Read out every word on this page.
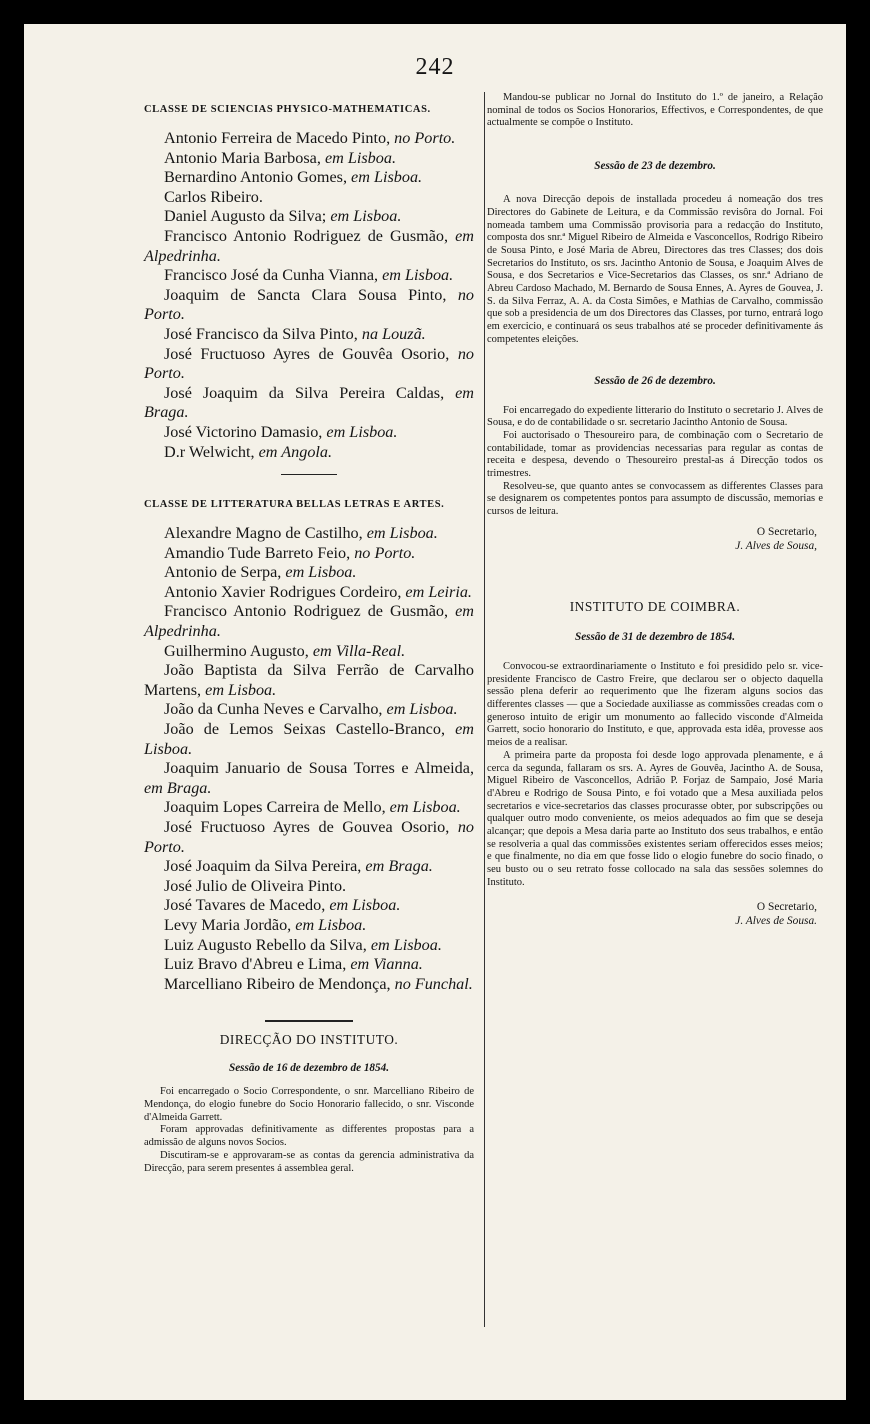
242
CLASSE DE SCIENCIAS PHYSICO-MATHEMATICAS.

Antonio Ferreira de Macedo Pinto, no Porto.

Antonio Maria Barbosa, em Lisboa.

Bernardino Antonio Gomes, em Lisboa.

Carlos Ribeiro.

Daniel Augusto da Silva; em Lisboa.

Francisco Antonio Rodriguez de Gusmão, em Alpedrinha.

Francisco José da Cunha Vianna, em Lisboa.

Joaquim de Sancta Clara Sousa Pinto, no Porto.

José Francisco da Silva Pinto, na Louzã.

José Fructuoso Ayres de Gouvêa Osorio, no Porto.

José Joaquim da Silva Pereira Caldas, em Braga.

José Victorino Damasio, em Lisboa.

D.r Welwicht, em Angola.

CLASSE DE LITTERATURA BELLAS LETRAS E ARTES.

Alexandre Magno de Castilho, em Lisboa.

Amandio Tude Barreto Feio, no Porto.

Antonio de Serpa, em Lisboa.

Antonio Xavier Rodrigues Cordeiro, em Leiria.

Francisco Antonio Rodriguez de Gusmão, em Alpedrinha.

Guilhermino Augusto, em Villa-Real.

João Baptista da Silva Ferrão de Carvalho Martens, em Lisboa.

João da Cunha Neves e Carvalho, em Lisboa.

João de Lemos Seixas Castello-Branco, em Lisboa.

Joaquim Januario de Sousa Torres e Almeida, em Braga.

Joaquim Lopes Carreira de Mello, em Lisboa.

José Fructuoso Ayres de Gouvea Osorio, no Porto.

José Joaquim da Silva Pereira, em Braga.

José Julio de Oliveira Pinto.

José Tavares de Macedo, em Lisboa.

Levy Maria Jordão, em Lisboa.

Luiz Augusto Rebello da Silva, em Lisboa.

Luiz Bravo d'Abreu e Lima, em Vianna.

Marcelliano Ribeiro de Mendonça, no Funchal.

DIRECÇÃO DO INSTITUTO.
Sessão de 16 de dezembro de 1854.

Foi encarregado o Socio Correspondente, o snr. Marcelliano Ribeiro de Mendonça, do elogio funebre do Socio Honorario fallecido, o snr. Visconde d'Almeida Garrett.

Foram approvadas definitivamente as differentes propostas para a admissão de alguns novos Socios.

Discutiram-se e approvaram-se as contas da gerencia administrativa da Direcção, para serem presentes á assemblea geral.

Mandou-se publicar no Jornal do Instituto do 1.º de janeiro, a Relação nominal de todos os Socios Honorarios, Effectivos, e Correspondentes, de que actualmente se compõe o Instituto.

Sessão de 23 de dezembro.

A nova Direcção depois de installada procedeu á nomeação dos tres Directores do Gabinete de Leitura, e da Commissão revisôra do Jornal. Foi nomeada tambem uma Commissão provisoria para a redacção do Instituto, composta dos snr.ª Miguel Ribeiro de Almeida e Vasconcellos, Rodrigo Ribeiro de Sousa Pinto, e José Maria de Abreu, Directores das tres Classes; dos dois Secretarios do Instituto, os srs. Jacintho Antonio de Sousa, e Joaquim Alves de Sousa, e dos Secretarios e Vice-Secretarios das Classes, os snr.ª Adriano de Abreu Cardoso Machado, M. Bernardo de Sousa Ennes, A. Ayres de Gouvea, J. S. da Silva Ferraz, A. A. da Costa Simões, e Mathias de Carvalho, commissão que sob a presidencia de um dos Directores das Classes, por turno, entrará logo em exercicio, e continuará os seus trabalhos até se proceder definitivamente ás competentes eleições.

Sessão de 26 de dezembro.

Foi encarregado do expediente litterario do Instituto o secretario J. Alves de Sousa, e do de contabilidade o sr. secretario Jacintho Antonio de Sousa.

Foi auctorisado o Thesoureiro para, de combinação com o Secretario de contabilidade, tomar as providencias necessarias para regular as contas de receita e despesa, devendo o Thesoureiro prestal-as á Direcção todos os trimestres.

Resolveu-se, que quanto antes se convocassem as differentes Classes para se designarem os competentes pontos para assumpto de discussão, memorias e cursos de leitura.

O Secretario,
J. Alves de Sousa,
INSTITUTO DE COIMBRA.
Sessão de 31 de dezembro de 1854.

Convocou-se extraordinariamente o Instituto e foi presidido pelo sr. vice-presidente Francisco de Castro Freire, que declarou ser o objecto daquella sessão plena deferir ao requerimento que lhe fizeram alguns socios das differentes classes — que a Sociedade auxiliasse as commissões creadas com o generoso intuito de erigir um monumento ao fallecido visconde d'Almeida Garrett, socio honorario do Instituto, e que, approvada esta idêa, provesse aos meios de a realisar.

A primeira parte da proposta foi desde logo approvada plenamente, e á cerca da segunda, fallaram os srs. A. Ayres de Gouvêa, Jacintho A. de Sousa, Miguel Ribeiro de Vasconcellos, Adrião P. Forjaz de Sampaio, José Maria d'Abreu e Rodrigo de Sousa Pinto, e foi votado que a Mesa auxiliada pelos secretarios e vice-secretarios das classes procurasse obter, por subscripções ou qualquer outro modo conveniente, os meios adequados ao fim que se deseja alcançar; que depois a Mesa daria parte ao Instituto dos seus trabalhos, e então se resolveria a qual das commissões existentes seriam offerecidos esses meios; e que finalmente, no dia em que fosse lido o elogio funebre do socio finado, o seu busto ou o seu retrato fosse collocado na sala das sessões solemnes do Instituto.

O Secretario,
J. Alves de Sousa.
